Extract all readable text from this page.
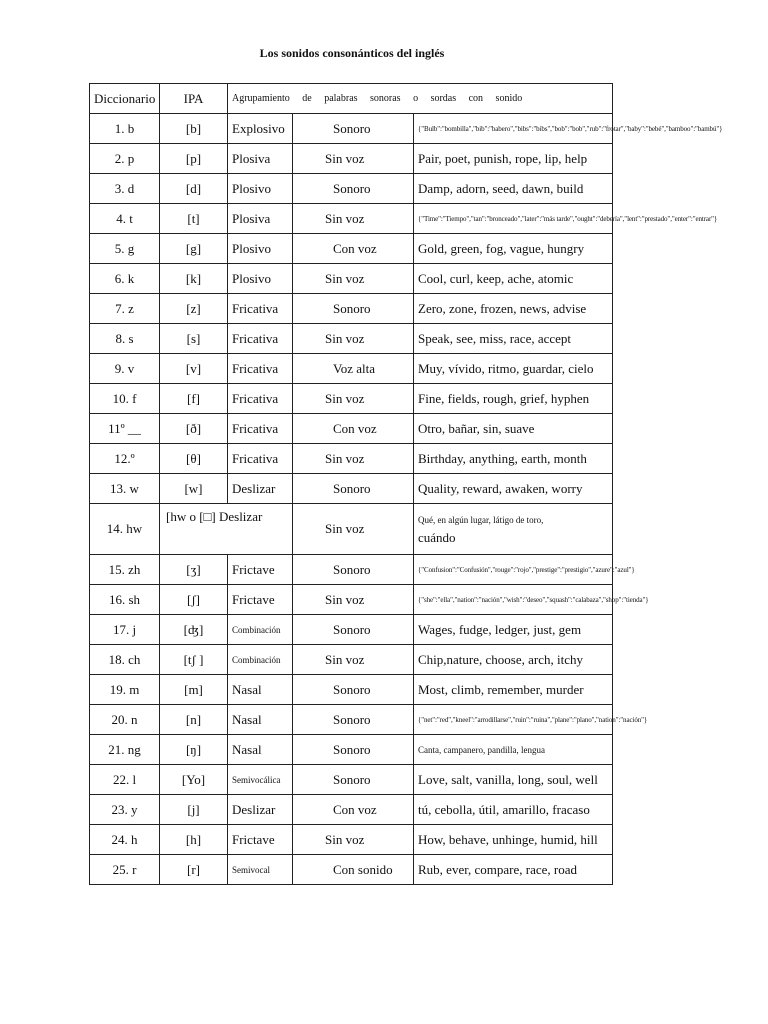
Los sonidos consonánticos del inglés
Diccionario	IPA	Agrupamiento de palabras sonoras o sordas con sonido		
1. b	[b]	Explosivo	Sonoro	{"Bulb":"bombilla","bib":"babero","bibs":"bibs","bob":"bob","rub":"frotar","baby":"bebé","bamboo":"bambú"}
2. p	[p]	Plosiva	Sin voz	Pair, poet, punish, rope, lip, help
3. d	[d]	Plosivo	Sonoro	Damp, adorn, seed, dawn, build
4. t	[t]	Plosiva	Sin voz	{"Time":"Tiempo","tan":"bronceado","later":"más tarde","ought":"debería","lent":"prestado","enter":"entrar"}
5. g	[g]	Plosivo	Con voz	Gold, green, fog, vague, hungry
6. k	[k]	Plosivo	Sin voz	Cool, curl, keep, ache, atomic
7. z	[z]	Fricativa	Sonoro	Zero, zone, frozen, news, advise
8. s	[s]	Fricativa	Sin voz	Speak, see, miss, race, accept
9. v	[v]	Fricativa	Voz alta	Muy, vívido, ritmo, guardar, cielo
10. f	[f]	Fricativa	Sin voz	Fine, fields, rough, grief, hyphen
11º __	[ð]	Fricativa	Con voz	Otro, bañar, sin, suave
12.º	[θ]	Fricativa	Sin voz	Birthday, anything, earth, month
13. w	[w]	Deslizar	Sonoro	Quality, reward, awaken, worry
14. hw	[hw o [□] Deslizar		Sin voz	Qué, en algún lugar, látigo de toro,
cuándo

15. zh	[ʒ]	Frictave	Sonoro	{"Confusion":"Confusión","rouge":"rojo","prestige":"prestigio","azure":"azul"}
16. sh	[ʃ]	Frictave	Sin voz	{"she":"ella","nation":"nación","wish":"deseo","squash":"calabaza","shop":"tienda"}
17. j	[ʤ]	Combinación	Sonoro	Wages, fudge, ledger, just, gem
18. ch	[tʃ ]	Combinación	Sin voz	Chip,nature, choose, arch, itchy
19. m	[m]	Nasal	Sonoro	Most, climb, remember, murder
20. n	[n]	Nasal	Sonoro	{"net":"red","kneel":"arrodillarse","ruin":"ruina","plane":"plano","nation":"nación"}
21. ng	[ŋ]	Nasal	Sonoro	Canta, campanero, pandilla, lengua
22. l	[Yo]	Semivocálica	Sonoro	Love, salt, vanilla, long, soul, well
23. y	[j]	Deslizar	Con voz	tú, cebolla, útil, amarillo, fracaso
24. h	[h]	Frictave	Sin voz	How, behave, unhinge, humid, hill
25. r	[r]	Semivocal	Con sonido	Rub, ever, compare, race, road
